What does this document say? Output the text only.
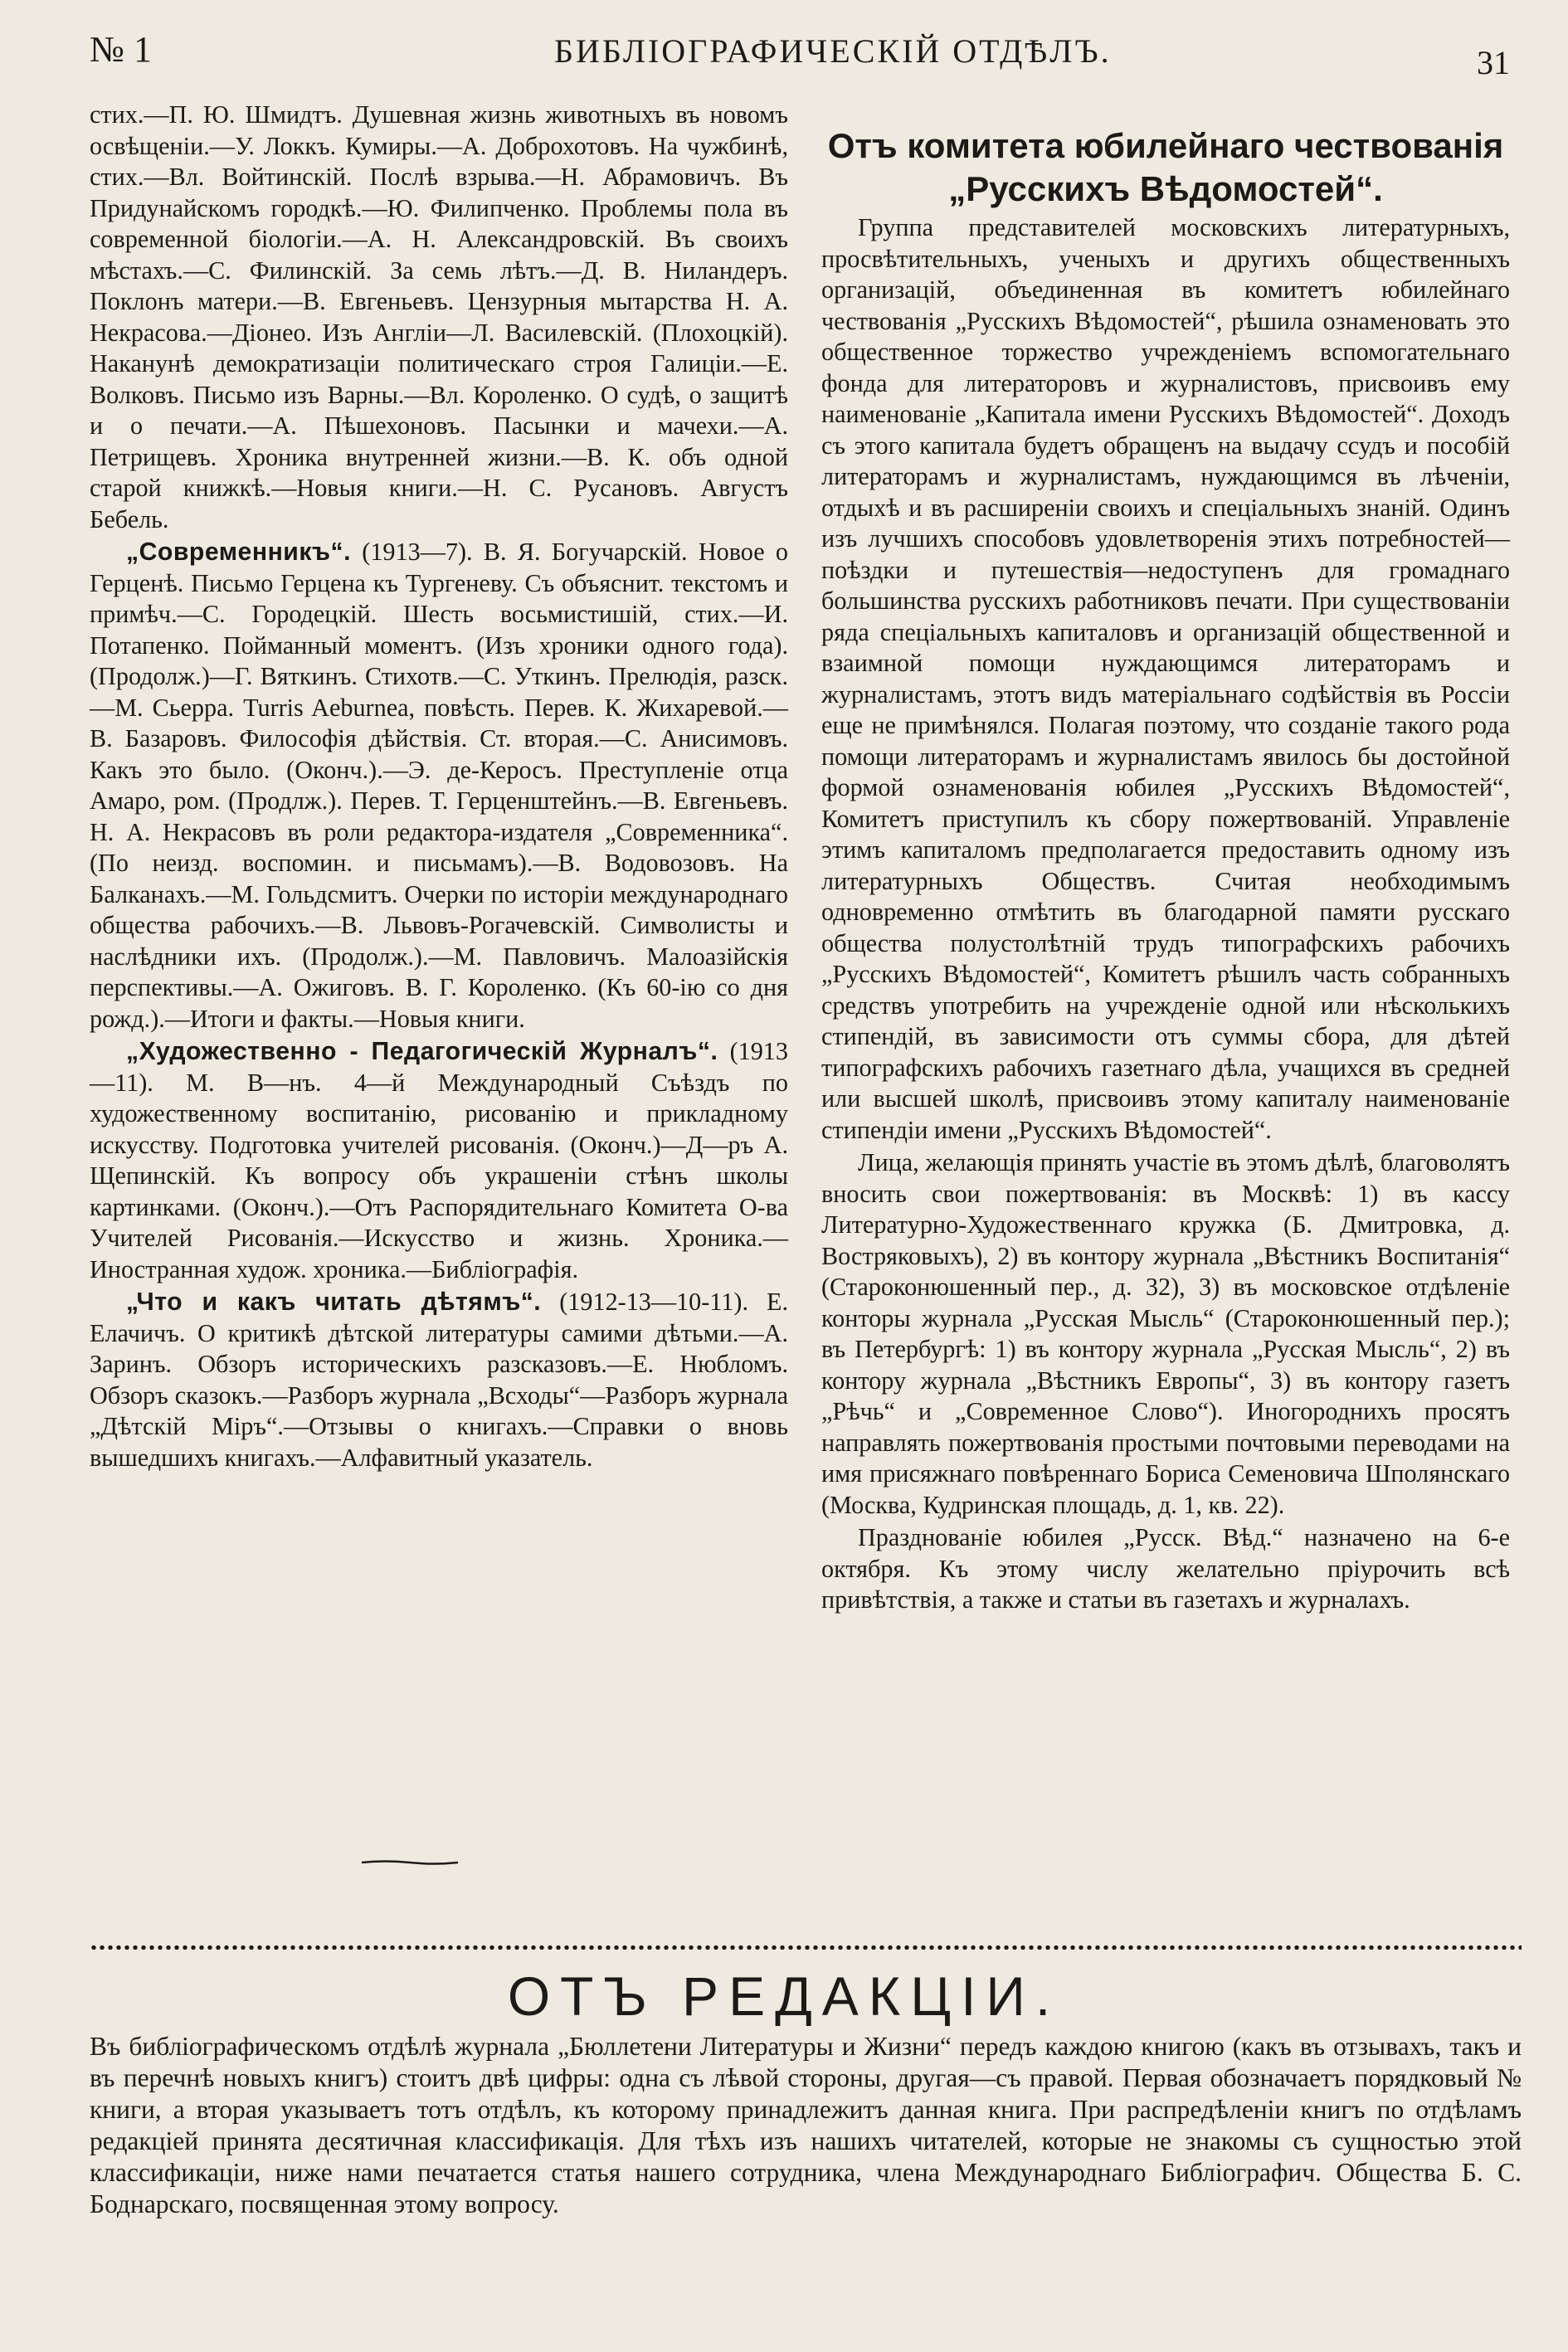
№ 1	БИБЛIОГРАФИЧЕСКIЙ ОТДѢЛЪ.	31

стих.—П. Ю. Шмидтъ. Душевная жизнь животныхъ въ новомъ освѣщенiи.—У. Локкъ. Кумиры.—А. Доброхотовъ. На чужбинѣ, стих.—Вл. Войтинскiй. Послѣ взрыва.—Н. Абрамовичъ. Въ Придунайскомъ городкѣ.—Ю. Филипченко. Проблемы пола въ современной бiологiи.—А. Н. Александровскiй. Въ своихъ мѣстахъ.—С. Филинскiй. За семь лѣтъ.—Д. В. Ниландеръ. Поклонъ матери.—В. Евгеньевъ. Цензурныя мытарства Н. А. Некрасова.—Дiонео. Изъ Англiи—Л. Василевскiй. (Плохоцкiй). Наканунѣ демократизацiи политическаго строя Галицiи.—Е. Волковъ. Письмо изъ Варны.—Вл. Короленко. О судѣ, о защитѣ и о печати.—А. Пѣшехоновъ. Пасынки и мачехи.—А. Петрищевъ. Хроника внутренней жизни.—В. К. объ одной старой книжкѣ.—Новыя книги.—Н. С. Русановъ. Августъ Бебель.

„Современникъ“. (1913—7). В. Я. Богучарскiй. Новое о Герценѣ. Письмо Герцена къ Тургеневу. Съ объяснит. текстомъ и примѣч.—С. Городецкiй. Шесть восьмистишiй, стих.—И. Потапенко. Пойманный моментъ. (Изъ хроники одного года). (Продолж.)—Г. Вяткинъ. Стихотв.—С. Уткинъ. Прелюдiя, разск.—М. Сьерра. Turris Aeburnea, повѣсть. Перев. К. Жихаревой.—В. Базаровъ. Философiя дѣйствiя. Ст. вторая.—С. Анисимовъ. Какъ это было. (Оконч.).—Э. де-Керосъ. Преступленiе отца Амаро, ром. (Продлж.). Перев. Т. Герценштейнъ.—В. Евгеньевъ. Н. А. Некрасовъ въ роли редактора-издателя „Современника“.(По неизд. воспомин. и письмамъ).—В. Водовозовъ. На Балканахъ.—М. Гольдсмитъ. Очерки по исторiи международнаго общества рабочихъ.—В. Львовъ-Рогачевскiй. Символисты и наслѣдники ихъ. (Продолж.).—М. Павловичъ. Малоазiйскiя перспективы.—А. Ожиговъ. В. Г. Короленко. (Къ 60-iю со дня рожд.).—Итоги и факты.—Новыя книги.

„Художественно - Педагогическiй Журналъ“. (1913 —11). М. В—нъ. 4—й Международный Съѣздъ по художественному воспитанiю, рисованiю и прикладному искусству. Подготовка учителей рисованiя. (Оконч.)—Д—ръ А. Щепинскiй. Къ вопросу объ украшенiи стѣнъ школы картинками. (Оконч.).—Отъ Распорядительнаго Комитета О-ва Учителей Рисованiя.—Искусство и жизнь. Хроника.—Иностранная худож. хроника.—Библiографiя.

„Что и какъ читать дѣтямъ“. (1912-13—10-11). Е. Елачичъ. О критикѣ дѣтской литературы самими дѣтьми.—А. Заринъ. Обзоръ историческихъ разсказовъ.—Е. Нюбломъ. Обзоръ сказокъ.—Разборъ журнала „Всходы“—Разборъ журнала „Дѣтскiй Мiръ“.—Отзывы о книгахъ.—Справки о вновь вышедшихъ книгахъ.—Алфавитный указатель.

Отъ комитета юбилейнаго чествованiя „Русскихъ Вѣдомостей“.

Группа представителей московскихъ литературныхъ, просвѣтительныхъ, ученыхъ и другихъ общественныхъ организацiй, объединенная въ комитетъ юбилейнаго чествованiя „Русскихъ Вѣдомостей“, рѣшила ознаменовать это общественное торжество учрежденiемъ вспомогательнаго фонда для литераторовъ и журналистовъ, присвоивъ ему наименованiе „Капитала имени Русскихъ Вѣдомостей“. Доходъ съ этого капитала будетъ обращенъ на выдачу ссудъ и пособiй литераторамъ и журналистамъ, нуждающимся въ лѣченiи, отдыхѣ и въ расширенiи своихъ и спецiальныхъ знанiй. Одинъ изъ лучшихъ способовъ удовлетворенiя этихъ потребностей—поѣздки и путешествiя—недоступенъ для громаднаго большинства русскихъ работниковъ печати. При существованiи ряда спецiальныхъ капиталовъ и организацiй общественной и взаимной помощи нуждающимся литераторамъ и журналистамъ, этотъ видъ матерiальнаго содѣйствiя въ Россiи еще не примѣнялся. Полагая поэтому, что созданiе такого рода помощи литераторамъ и журналистамъ явилось бы достойной формой ознаменованiя юбилея „Русскихъ Вѣдомостей“, Комитетъ приступилъ къ сбору пожертвованiй. Управленiе этимъ капиталомъ предполагается предоставить одному изъ литературныхъ Обществъ. Считая необходимымъ одновременно отмѣтить въ благодарной памяти русскаго общества полустолѣтнiй трудъ типографскихъ рабочихъ „Русскихъ Вѣдомостей“, Комитетъ рѣшилъ часть собранныхъ средствъ употребить на учрежденiе одной или нѣсколькихъ стипендiй, въ зависимости отъ суммы сбора, для дѣтей типографскихъ рабочихъ газетнаго дѣла, учащихся въ средней или высшей школѣ, присвоивъ этому капиталу наименованiе стипендiи имени „Русскихъ Вѣдомостей“.

Лица, желающiя принять участiе въ этомъ дѣлѣ, благоволятъ вносить свои пожертвованiя: въ Москвѣ: 1) въ кассу Литературно-Художественнаго кружка (Б. Дмитровка, д. Востряковыхъ), 2) въ контору журнала „Вѣстникъ Воспитанiя“ (Староконюшенный пер., д. 32), 3) въ московское отдѣленiе конторы журнала „Русская Мысль“ (Староконюшенный пер.); въ Петербургѣ: 1) въ контору журнала „Русская Мысль“, 2) въ контору журнала „Вѣстникъ Европы“, 3) въ контору газетъ „Рѣчь“ и „Современное Слово“). Иногороднихъ просятъ направлять пожертвованiя простыми почтовыми переводами на имя присяжнаго повѣреннаго Бориса Семеновича Шполянскаго (Москва, Кудринская площадь, д. 1, кв. 22).

Празднованiе юбилея „Русск. Вѣд.“ назначено на 6-е октября. Къ этому числу желательно прiурочить всѣ привѣтствiя, а также и статьи въ газетахъ и журналахъ.

ОТЪ РЕДАКЦIИ.

Въ библiографическомъ отдѣлѣ журнала „Бюллетени Литературы и Жизни“ передъ каждою книгою (какъ въ отзывахъ, такъ и въ перечнѣ новыхъ книгъ) стоитъ двѣ цифры: одна съ лѣвой стороны, другая—съ правой. Первая обозначаетъ порядковый № книги, а вторая указываетъ тотъ отдѣлъ, къ которому принадлежитъ данная книга. При распредѣленiи книгъ по отдѣламъ редакцiей принята десятичная классификацiя. Для тѣхъ изъ нашихъ читателей, которые не знакомы съ сущностью этой классификацiи, ниже нами печатается статья нашего сотрудника, члена Международнаго Библiографич. Общества Б. С. Боднарскаго, посвященная этому вопросу.
